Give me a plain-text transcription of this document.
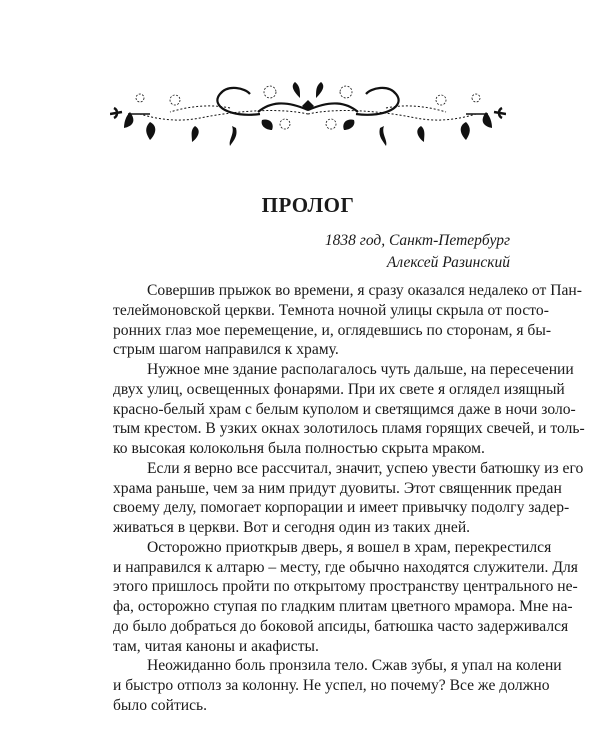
ПРОЛОГ
1838 год, Санкт-Петербург
Алексей Разинский
Совершив прыжок во времени, я сразу оказался недалеко от Пан-
телеймоновской церкви. Темнота ночной улицы скрыла от посто-
ронних глаз мое перемещение, и, оглядевшись по сторонам, я бы-
стрым шагом направился к храму.
Нужное мне здание располагалось чуть дальше, на пересечении
двух улиц, освещенных фонарями. При их свете я оглядел изящный
красно-белый храм с белым куполом и светящимся даже в ночи золо-
тым крестом. В узких окнах золотилось пламя горящих свечей, и толь-
ко высокая колокольня была полностью скрыта мраком.
Если я верно все рассчитал, значит, успею увести батюшку из его
храма раньше, чем за ним придут дуовиты. Этот священник предан
своему делу, помогает корпорации и имеет привычку подолгу задер-
живаться в церкви. Вот и сегодня один из таких дней.
Осторожно приоткрыв дверь, я вошел в храм, перекрестился
и направился к алтарю – месту, где обычно находятся служители. Для
этого пришлось пройти по открытому пространству центрального не-
фа, осторожно ступая по гладким плитам цветного мрамора. Мне на-
до было добраться до боковой апсиды, батюшка часто задерживался
там, читая каноны и акафисты.
Неожиданно боль пронзила тело. Сжав зубы, я упал на колени
и быстро отполз за колонну. Не успел, но почему? Все же должно
было сойтись.
